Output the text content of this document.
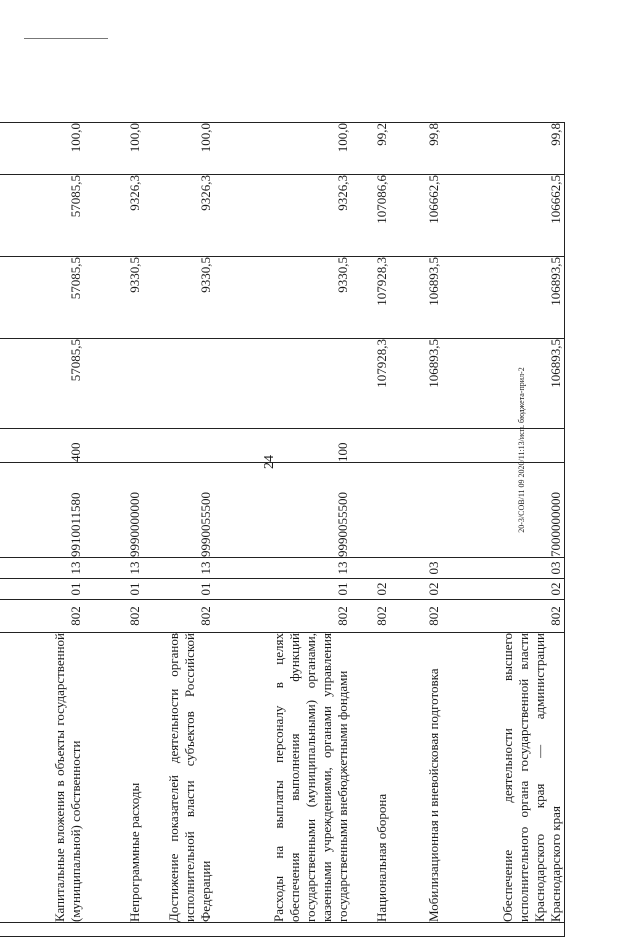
24	20-3/СОВ/11 09 2020/11:13/исп. бюджета-прил-2

	Капитальные вложения в объекты государственной (муниципальной) собственности	802	01	13	9910011580	400	57085,5	57085,5	57085,5	100,0
	Непрограммные расходы	802	01	13	9990000000			9330,5	9326,3	100,0
	Достижение показателей деятельности органов исполнительной власти субъектов Российской Федерации	802	01	13	9990055500			9330,5	9326,3	100,0
	Расходы на выплаты персоналу в целях обеспечения выполнения функций государственными (муниципальными) органами, казенными учреждениями, органами управления государственными внебюджетными фондами	802	01	13	9990055500	100		9330,5	9326,3	100,0
	Национальная оборона	802	02				107928,3	107928,3	107086,6	99,2
	Мобилизационная и вневойсковая подготовка	802	02	03			106893,5	106893,5	106662,5	99,8
	Обеспечение деятельности высшего исполнительного органа государственной власти Краснодарского края — администрации Краснодарского края	802	02	03	7000000000		106893,5	106893,5	106662,5	99,8
